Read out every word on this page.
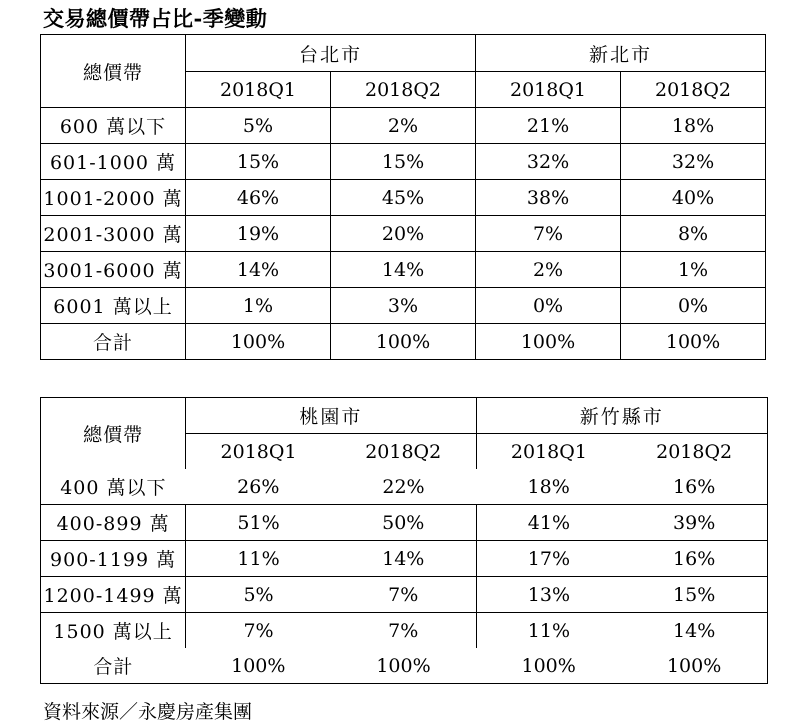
交易總價帶占比-季變動
總價帶	台北市		新北市	
	2018Q1	2018Q2	2018Q1	2018Q2
600 萬以下	5%	2%	21%	18%
601-1000 萬	15%	15%	32%	32%
1001-2000 萬	46%	45%	38%	40%
2001-3000 萬	19%	20%	7%	8%
3001-6000 萬	14%	14%	2%	1%
6001 萬以上	1%	3%	0%	0%
合計	100%	100%	100%	100%
總價帶	桃園市		新竹縣市	
	2018Q1	2018Q2	2018Q1	2018Q2
400 萬以下	26%	22%	18%	16%
400-899 萬	51%	50%	41%	39%
900-1199 萬	11%	14%	17%	16%
1200-1499 萬	5%	7%	13%	15%
1500 萬以上	7%	7%	11%	14%
合計	100%	100%	100%	100%
資料來源／永慶房產集團
